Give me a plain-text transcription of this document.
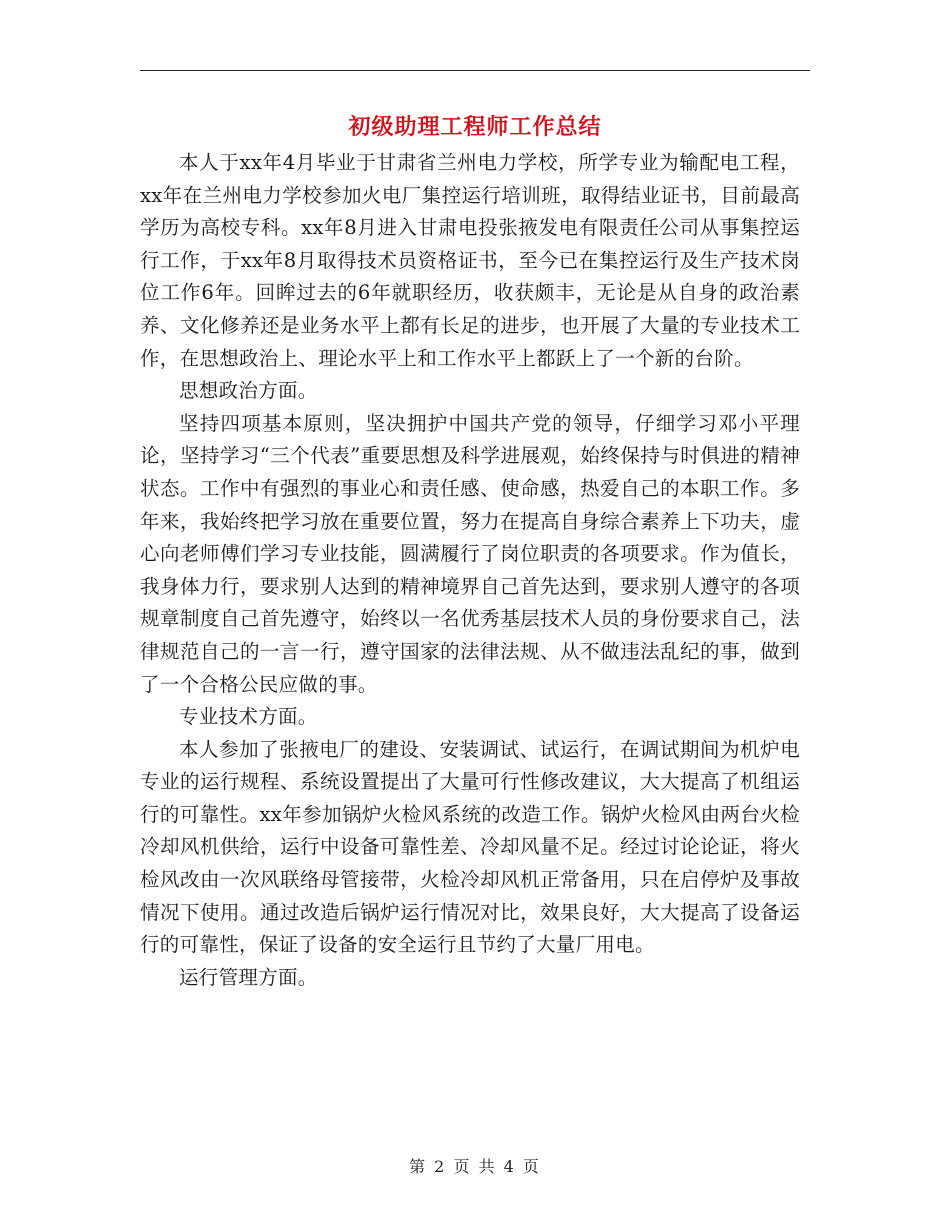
初级助理工程师工作总结

本人于xx年4月毕业于甘肃省兰州电力学校，所学专业为输配电工程，xx年在兰州电力学校参加火电厂集控运行培训班，取得结业证书，目前最高学历为高校专科。xx年8月进入甘肃电投张掖发电有限责任公司从事集控运行工作，于xx年8月取得技术员资格证书，至今已在集控运行及生产技术岗位工作6年。回眸过去的6年就职经历，收获颇丰，无论是从自身的政治素养、文化修养还是业务水平上都有长足的进步，也开展了大量的专业技术工作，在思想政治上、理论水平上和工作水平上都跃上了一个新的台阶。

思想政治方面。

坚持四项基本原则，坚决拥护中国共产党的领导，仔细学习邓小平理论，坚持学习“三个代表”重要思想及科学进展观，始终保持与时俱进的精神状态。工作中有强烈的事业心和责任感、使命感，热爱自己的本职工作。多年来，我始终把学习放在重要位置，努力在提高自身综合素养上下功夫，虚心向老师傅们学习专业技能，圆满履行了岗位职责的各项要求。作为值长，我身体力行，要求别人达到的精神境界自己首先达到，要求别人遵守的各项规章制度自己首先遵守，始终以一名优秀基层技术人员的身份要求自己，法律规范自己的一言一行，遵守国家的法律法规、从不做违法乱纪的事，做到了一个合格公民应做的事。

专业技术方面。

本人参加了张掖电厂的建设、安装调试、试运行，在调试期间为机炉电专业的运行规程、系统设置提出了大量可行性修改建议，大大提高了机组运行的可靠性。xx年参加锅炉火检风系统的改造工作。锅炉火检风由两台火检冷却风机供给，运行中设备可靠性差、冷却风量不足。经过讨论论证，将火检风改由一次风联络母管接带，火检冷却风机正常备用，只在启停炉及事故情况下使用。通过改造后锅炉运行情况对比，效果良好，大大提高了设备运行的可靠性，保证了设备的安全运行且节约了大量厂用电。

运行管理方面。

第 2 页 共 4 页
